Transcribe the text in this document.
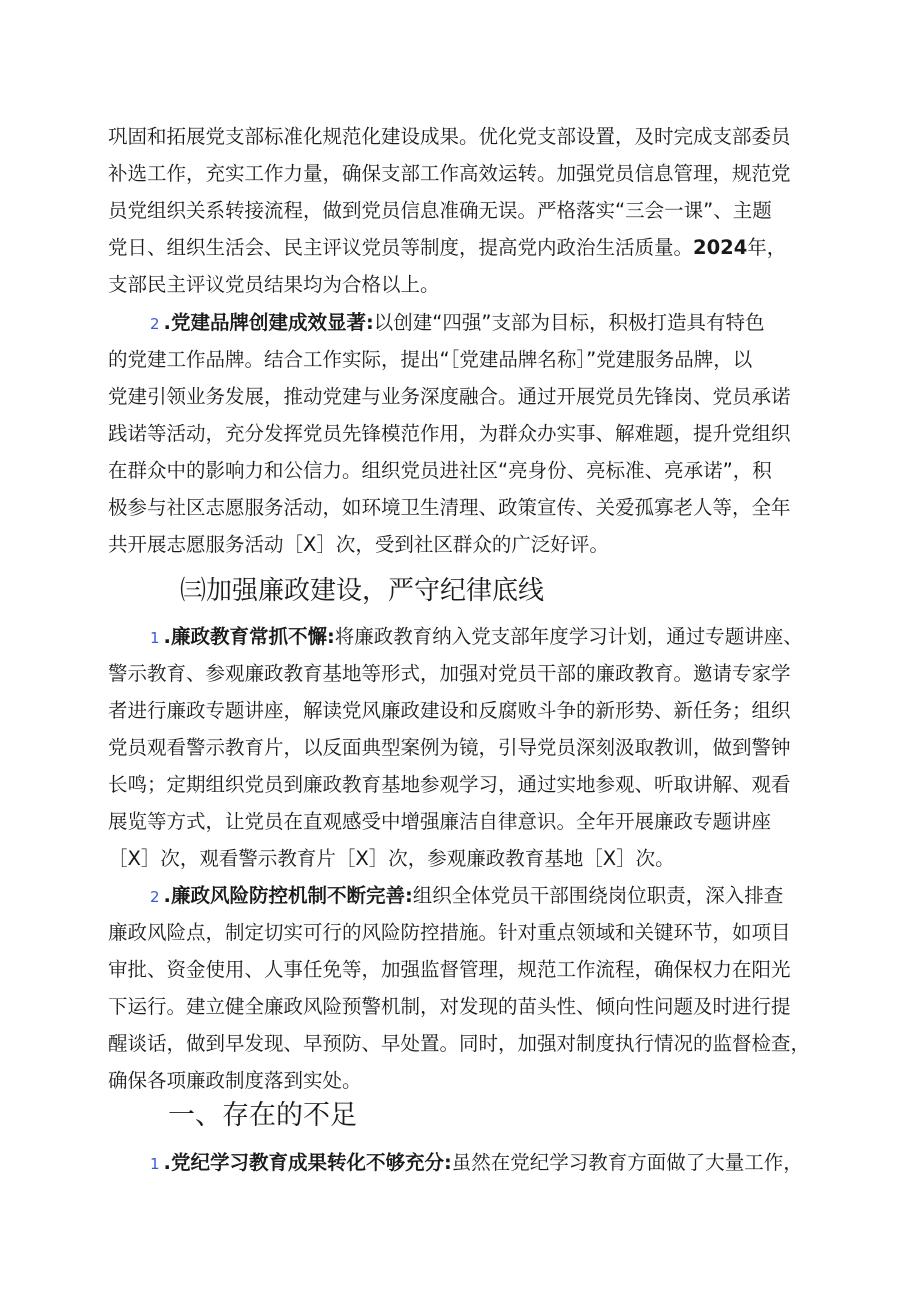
巩固和拓展党支部标准化规范化建设成果。优化党支部设置，及时完成支部委员
补选工作，充实工作力量，确保支部工作高效运转。加强党员信息管理，规范党
员党组织关系转接流程，做到党员信息准确无误。严格落实“三会一课”、主题
党日、组织生活会、民主评议党员等制度，提高党内政治生活质量。2024年，
支部民主评议党员结果均为合格以上。
2 .党建品牌创建成效显著:以创建“四强”支部为目标，积极打造具有特色
的党建工作品牌。结合工作实际，提出“［党建品牌名称］”党建服务品牌，以
党建引领业务发展，推动党建与业务深度融合。通过开展党员先锋岗、党员承诺
践诺等活动，充分发挥党员先锋模范作用，为群众办实事、解难题，提升党组织
在群众中的影响力和公信力。组织党员进社区“亮身份、亮标准、亮承诺”，积
极参与社区志愿服务活动，如环境卫生清理、政策宣传、关爱孤寡老人等，全年
共开展志愿服务活动［X］次，受到社区群众的广泛好评。
㈢加强廉政建设，严守纪律底线
1 .廉政教育常抓不懈:将廉政教育纳入党支部年度学习计划，通过专题讲座、
警示教育、参观廉政教育基地等形式，加强对党员干部的廉政教育。邀请专家学
者进行廉政专题讲座，解读党风廉政建设和反腐败斗争的新形势、新任务；组织
党员观看警示教育片，以反面典型案例为镜，引导党员深刻汲取教训，做到警钟
长鸣；定期组织党员到廉政教育基地参观学习，通过实地参观、听取讲解、观看
展览等方式，让党员在直观感受中增强廉洁自律意识。全年开展廉政专题讲座
［X］次，观看警示教育片［X］次，参观廉政教育基地［X］次。
2 .廉政风险防控机制不断完善:组织全体党员干部围绕岗位职责，深入排查
廉政风险点，制定切实可行的风险防控措施。针对重点领域和关键环节，如项目
审批、资金使用、人事任免等，加强监督管理，规范工作流程，确保权力在阳光
下运行。建立健全廉政风险预警机制，对发现的苗头性、倾向性问题及时进行提
醒谈话，做到早发现、早预防、早处置。同时，加强对制度执行情况的监督检查，
确保各项廉政制度落到实处。
一、存在的不足
1 .党纪学习教育成果转化不够充分:虽然在党纪学习教育方面做了大量工作，
